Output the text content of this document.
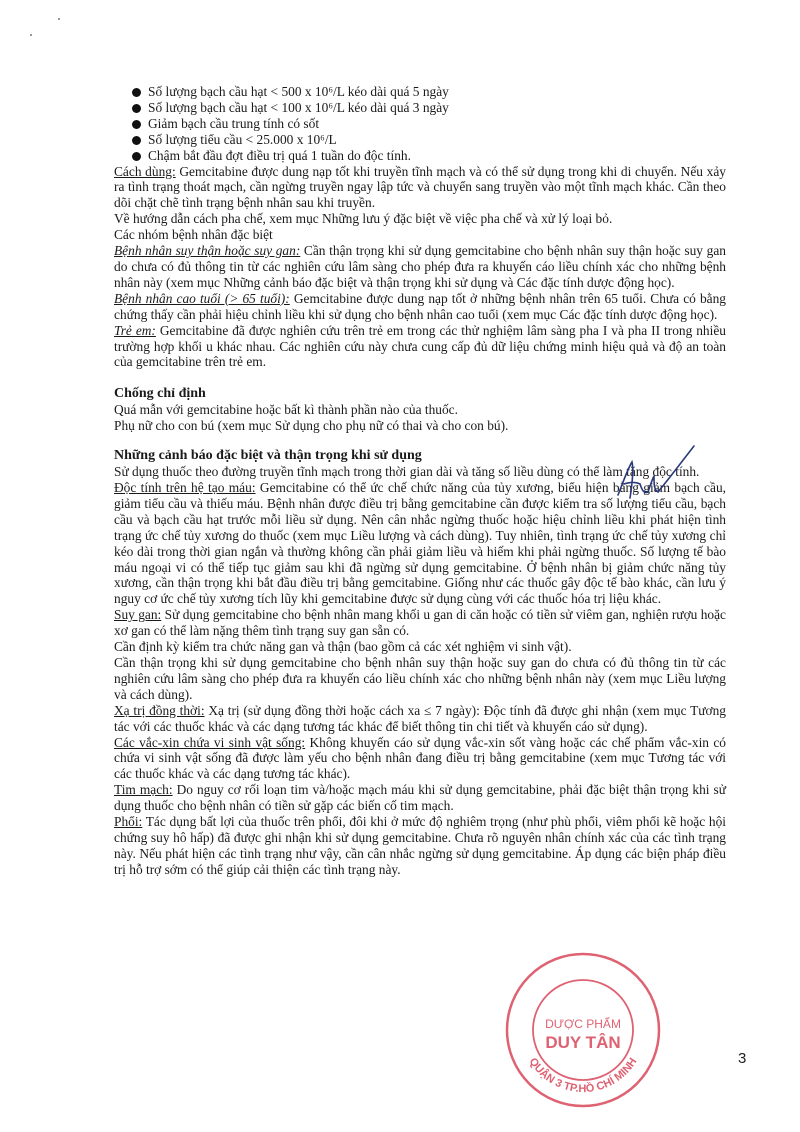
Số lượng bạch cầu hạt < 500 x 10⁶/L kéo dài quá 5 ngày
Số lượng bạch cầu hạt < 100 x 10⁶/L kéo dài quá 3 ngày
Giảm bạch cầu trung tính có sốt
Số lượng tiểu cầu < 25.000 x 10⁶/L
Chậm bắt đầu đợt điều trị quá 1 tuần do độc tính.

Cách dùng: Gemcitabine được dung nạp tốt khi truyền tĩnh mạch và có thể sử dụng trong khi di chuyển. Nếu xảy ra tình trạng thoát mạch, cần ngừng truyền ngay lập tức và chuyển sang truyền vào một tĩnh mạch khác. Cần theo dõi chặt chẽ tình trạng bệnh nhân sau khi truyền.

Về hướng dẫn cách pha chế, xem mục Những lưu ý đặc biệt về việc pha chế và xử lý loại bỏ.

Các nhóm bệnh nhân đặc biệt

Bệnh nhân suy thận hoặc suy gan: Cần thận trọng khi sử dụng gemcitabine cho bệnh nhân suy thận hoặc suy gan do chưa có đủ thông tin từ các nghiên cứu lâm sàng cho phép đưa ra khuyến cáo liều chính xác cho những bệnh nhân này (xem mục Những cảnh báo đặc biệt và thận trọng khi sử dụng và Các đặc tính dược động học).

Bệnh nhân cao tuổi (> 65 tuổi): Gemcitabine được dung nạp tốt ở những bệnh nhân trên 65 tuổi. Chưa có bằng chứng thấy cần phải hiệu chỉnh liều khi sử dụng cho bệnh nhân cao tuổi (xem mục Các đặc tính dược động học).

Trẻ em: Gemcitabine đã được nghiên cứu trên trẻ em trong các thử nghiệm lâm sàng pha I và pha II trong nhiều trường hợp khối u khác nhau. Các nghiên cứu này chưa cung cấp đủ dữ liệu chứng minh hiệu quả và độ an toàn của gemcitabine trên trẻ em.

Chống chỉ định

Quá mẫn với gemcitabine hoặc bất kì thành phần nào của thuốc.

Phụ nữ cho con bú (xem mục Sử dụng cho phụ nữ có thai và cho con bú).

Những cảnh báo đặc biệt và thận trọng khi sử dụng

Sử dụng thuốc theo đường truyền tĩnh mạch trong thời gian dài và tăng số liều dùng có thể làm tăng độc tính.

Độc tính trên hệ tạo máu: Gemcitabine có thể ức chế chức năng của tủy xương, biểu hiện bằng giảm bạch cầu, giảm tiểu cầu và thiếu máu. Bệnh nhân được điều trị bằng gemcitabine cần được kiểm tra số lượng tiểu cầu, bạch cầu và bạch cầu hạt trước mỗi liều sử dụng. Nên cân nhắc ngừng thuốc hoặc hiệu chỉnh liều khi phát hiện tình trạng ức chế tủy xương do thuốc (xem mục Liều lượng và cách dùng). Tuy nhiên, tình trạng ức chế tủy xương chỉ kéo dài trong thời gian ngắn và thường không cần phải giảm liều và hiếm khi phải ngừng thuốc. Số lượng tế bào máu ngoại vi có thể tiếp tục giảm sau khi đã ngừng sử dụng gemcitabine. Ở bệnh nhân bị giảm chức năng tủy xương, cần thận trọng khi bắt đầu điều trị bằng gemcitabine. Giống như các thuốc gây độc tế bào khác, cần lưu ý nguy cơ ức chế tủy xương tích lũy khi gemcitabine được sử dụng cùng với các thuốc hóa trị liệu khác.

Suy gan: Sử dụng gemcitabine cho bệnh nhân mang khối u gan di căn hoặc có tiền sử viêm gan, nghiện rượu hoặc xơ gan có thể làm nặng thêm tình trạng suy gan sẵn có.

Cần định kỳ kiểm tra chức năng gan và thận (bao gồm cả các xét nghiệm vi sinh vật).

Cần thận trọng khi sử dụng gemcitabine cho bệnh nhân suy thận hoặc suy gan do chưa có đủ thông tin từ các nghiên cứu lâm sàng cho phép đưa ra khuyến cáo liều chính xác cho những bệnh nhân này (xem mục Liều lượng và cách dùng).

Xạ trị đồng thời: Xạ trị (sử dụng đồng thời hoặc cách xa ≤ 7 ngày): Độc tính đã được ghi nhận (xem mục Tương tác với các thuốc khác và các dạng tương tác khác để biết thông tin chi tiết và khuyến cáo sử dụng).

Các vắc-xin chứa vi sinh vật sống: Không khuyến cáo sử dụng vắc-xin sốt vàng hoặc các chế phẩm vắc-xin có chứa vi sinh vật sống đã được làm yếu cho bệnh nhân đang điều trị bằng gemcitabine (xem mục Tương tác với các thuốc khác và các dạng tương tác khác).

Tim mạch: Do nguy cơ rối loạn tim và/hoặc mạch máu khi sử dụng gemcitabine, phải đặc biệt thận trọng khi sử dụng thuốc cho bệnh nhân có tiền sử gặp các biến cố tim mạch.

Phổi: Tác dụng bất lợi của thuốc trên phổi, đôi khi ở mức độ nghiêm trọng (như phù phổi, viêm phổi kẽ hoặc hội chứng suy hô hấp) đã được ghi nhận khi sử dụng gemcitabine. Chưa rõ nguyên nhân chính xác của các tình trạng này. Nếu phát hiện các tình trạng như vậy, cần cân nhắc ngừng sử dụng gemcitabine. Áp dụng các biện pháp điều trị hỗ trợ sớm có thể giúp cải thiện các tình trạng này.

DƯỢC PHẨM
DUY TÂN
QUẬN 3 TP.HỒ CHÍ MINH	3
